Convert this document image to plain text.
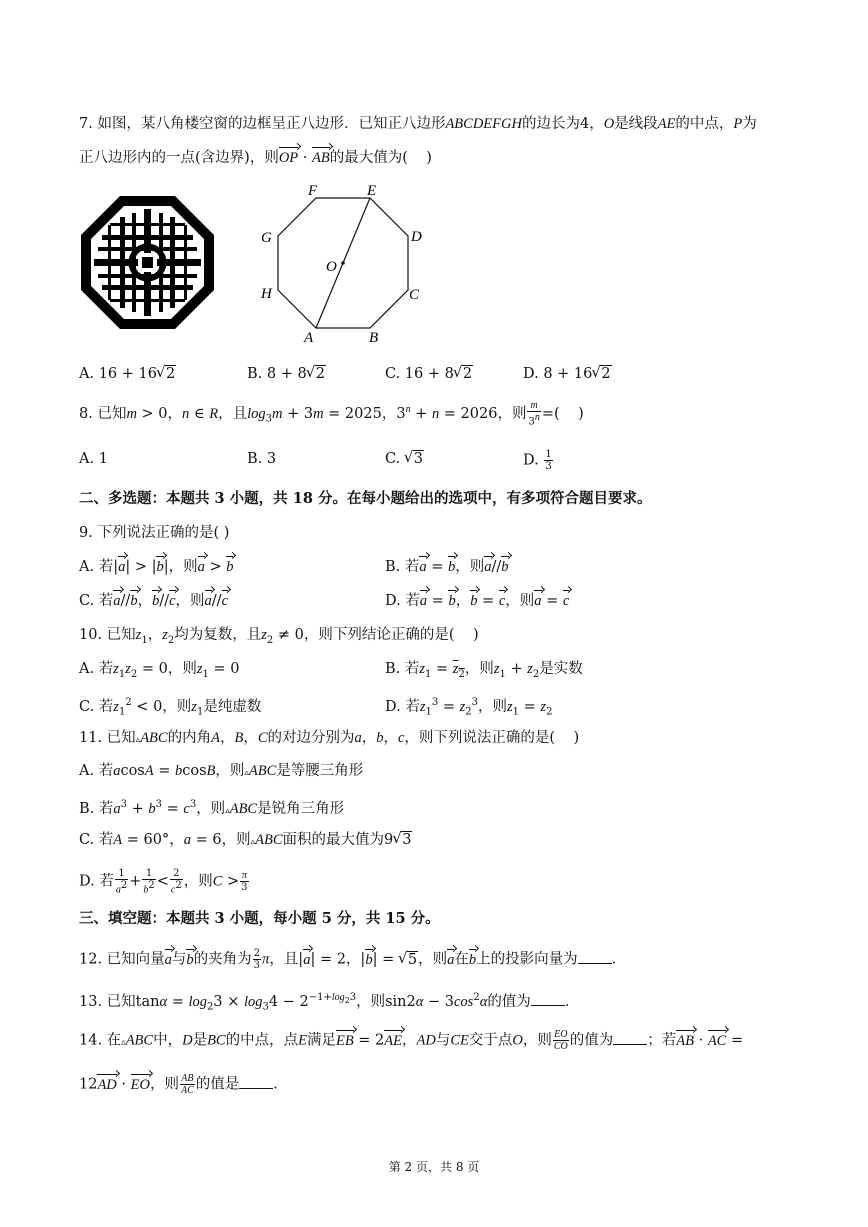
7. 如图，某八角楼空窗的边框呈正八边形．已知正八边形ABCDEFGH的边长为4，O是线段AE的中点，P为
正八边形内的一点(含边界)，则OP · AB的最大值为(    )
F	E
D
C
B
A
H
G
O
A. 16 + 16 √ 2	B. 8 + 8 √ 2	C. 16 + 8 √ 2	D. 8 + 16 √ 2
8. 已知m > 0，n ∈ R，且$\log_3m + 3m = 2025$，$3^n + n = 2026$，则 $\frac{m}{3^n}$ =(    )
A. 1	B. 3	C. √ 3	D. $\frac{1}{3}$
二、多选题：本题共 3 小题，共 18 分。在每小题给出的选项中，有多项符合题目要求。
9. 下列说法正确的是( )
A. 若|a| > |b|，则a > b	B. 若a = b，则a//b
C. 若a//b，b//c，则a//c	D. 若a = b，b = c，则a = c
10. 已知$z_1$，$z_2$均为复数，且$z_2 \ne 0$，则下列结论正确的是(    )
A. 若$z_1z_2 = 0$，则$z_1 = 0$	B. 若$z_1 = z_2$，则$z_1 + z_2$是实数
C. 若$z_1^2 < 0$，则$z_1$是纯虚数	D. 若$z_1^3 = z_2^3$，则$z_1 = z_2$
11. 已知▵ABC的内角A，B，C的对边分别为a，b，c，则下列说法正确的是(    )
A. 若acosA = bcosB，则▵ABC是等腰三角形
B. 若$a^3 + b^3 = c^3$，则▵ABC是锐角三角形
C. 若A = 60°，a = 6，则▵ABC面积的最大值为9 √ 3
D. 若 $\frac{1}{a^2} + \frac{1}{b^2} < \frac{2}{c^2}$ ，则$C > \frac{\pi}{3}$
三、填空题：本题共 3 小题，每小题 5 分，共 15 分。
12. 已知向量a与b的夹角为 $\frac{2}{3}$ π，且|a| = 2，|b| = √ 5，则a在b上的投影向量为 ．
13. 已知$\tan\alpha = \log_23 \times \log_34 - 2^{-1+log_23}$，则$\sin 2\alpha - 3\cos^2\alpha$的值为 ．
14. 在▵ABC中，D是BC的中点，点E满足EB = 2AE，AD与CE交于点O，则 $\frac{EO}{CO}$ 的值为 ；若AB · AC =
12AD · EO，则 $\frac{AB}{AC}$ 的值是 ．
第 2 页，共 8 页
